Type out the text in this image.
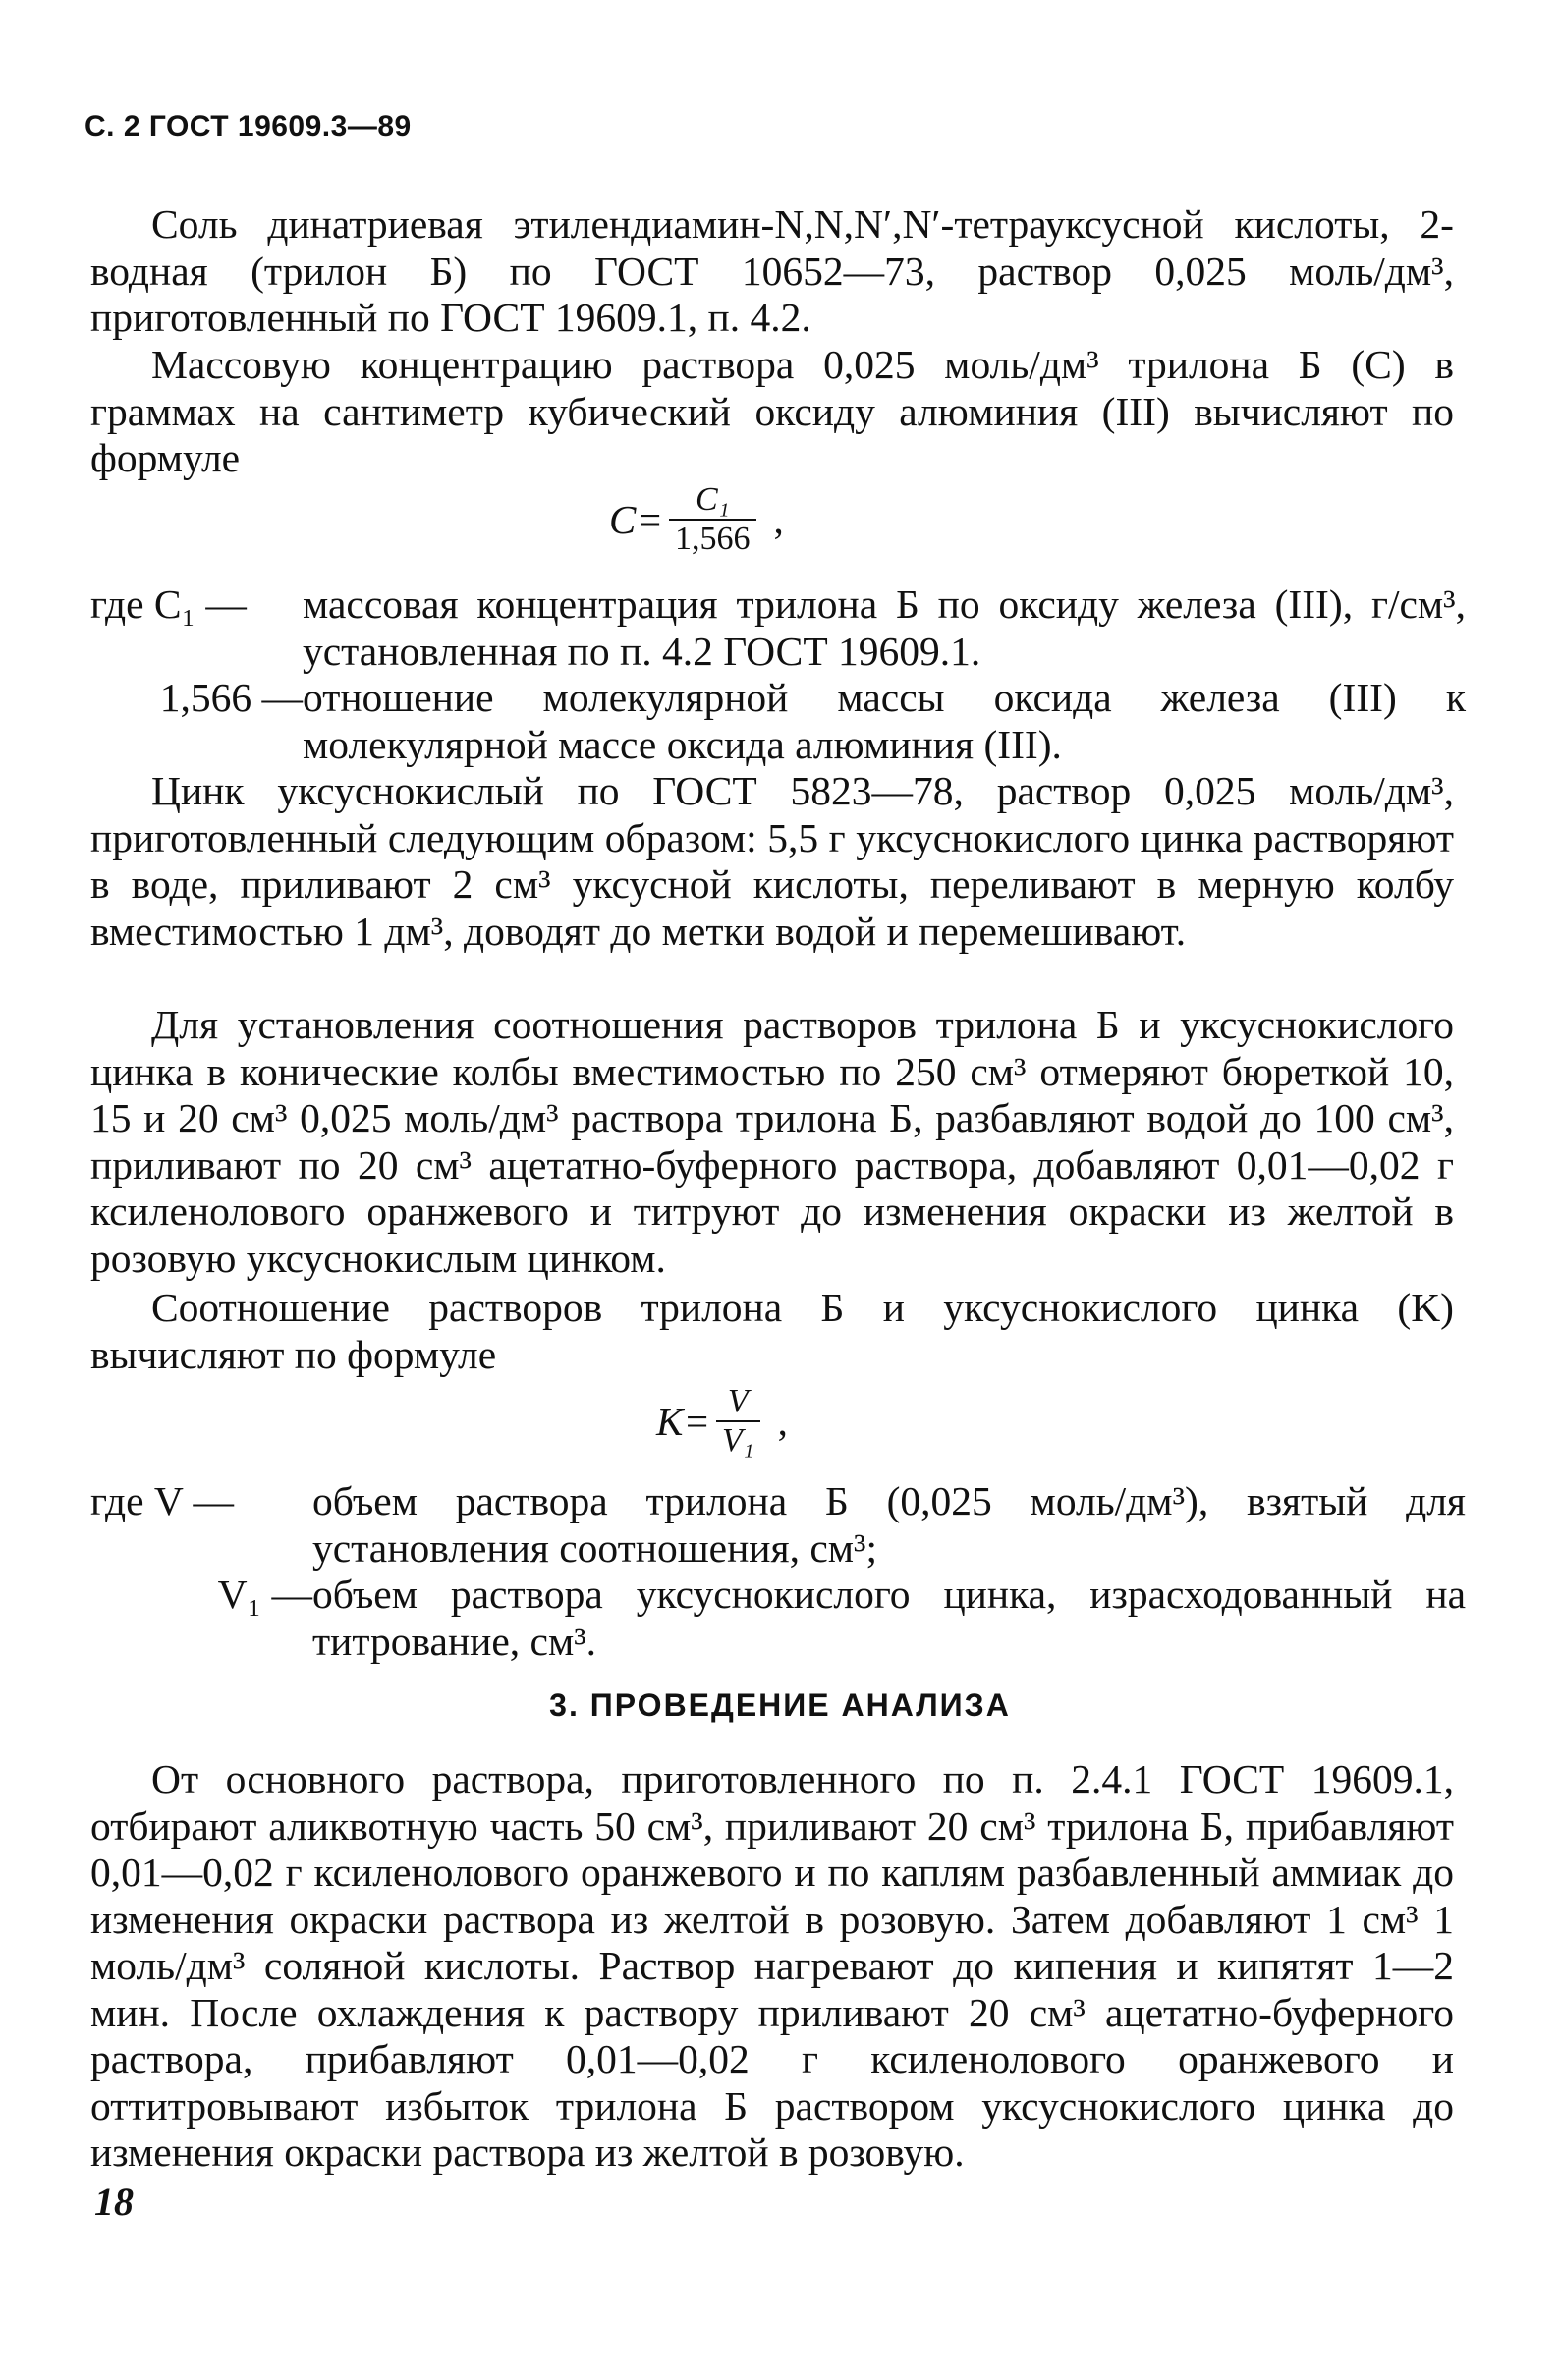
С. 2 ГОСТ 19609.3—89
Соль динатриевая этилендиамин-N,N,N′,N′-тетрауксусной кислоты, 2-водная (трилон Б) по ГОСТ 10652—73, раствор 0,025 моль/дм³, приготовленный по ГОСТ 19609.1, п. 4.2.
Массовую концентрацию раствора 0,025 моль/дм³ трилона Б (C) в граммах на сантиметр кубический оксиду алюминия (III) вычисляют по формуле
$C= \frac{\text{C₁}}{1,566}$ ,
где C₁ —	массовая концентрация трилона Б по оксиду железа (III), г/см³, установленная по п. 4.2 ГОСТ 19609.1.
1,566 — отношение молекулярной массы оксида железа (III) к молекулярной массе оксида алюминия (III).
Цинк уксуснокислый по ГОСТ 5823—78, раствор 0,025 моль/дм³, приготовленный следующим образом: 5,5 г уксуснокислого цинка растворяют в воде, приливают 2 см³ уксусной кислоты, переливают в мерную колбу вместимостью 1 дм³, доводят до метки водой и перемешивают.
Для установления соотношения растворов трилона Б и уксуснокислого цинка в конические колбы вместимостью по 250 см³ отмеряют бюреткой 10, 15 и 20 см³ 0,025 моль/дм³ раствора трилона Б, разбавляют водой до 100 см³, приливают по 20 см³ ацетатно-буферного раствора, добавляют 0,01—0,02 г ксиленолового оранжевого и титруют до изменения окраски из желтой в розовую уксуснокислым цинком.
Соотношение растворов трилона Б и уксуснокислого цинка (K) вычисляют по формуле
$K= \frac{V}{\text{V₁}}$ ,
где V —	объем раствора трилона Б (0,025 моль/дм³), взятый для установления соотношения, см³;
V₁ — объем раствора уксуснокислого цинка, израсходованный на титрование, см³.
3. ПРОВЕДЕНИЕ АНАЛИЗА
От основного раствора, приготовленного по п. 2.4.1 ГОСТ 19609.1, отбирают аликвотную часть 50 см³, приливают 20 см³ трилона Б, прибавляют 0,01—0,02 г ксиленолового оранжевого и по каплям разбавленный аммиак до изменения окраски раствора из желтой в розовую. Затем добавляют 1 см³ 1 моль/дм³ соляной кислоты. Раствор нагревают до кипения и кипятят 1—2 мин. После охлаждения к раствору приливают 20 см³ ацетатно-буферного раствора, прибавляют 0,01—0,02 г ксиленолового оранжевого и оттитровывают избыток трилона Б раствором уксуснокислого цинка до изменения окраски раствора из желтой в розовую.
18
